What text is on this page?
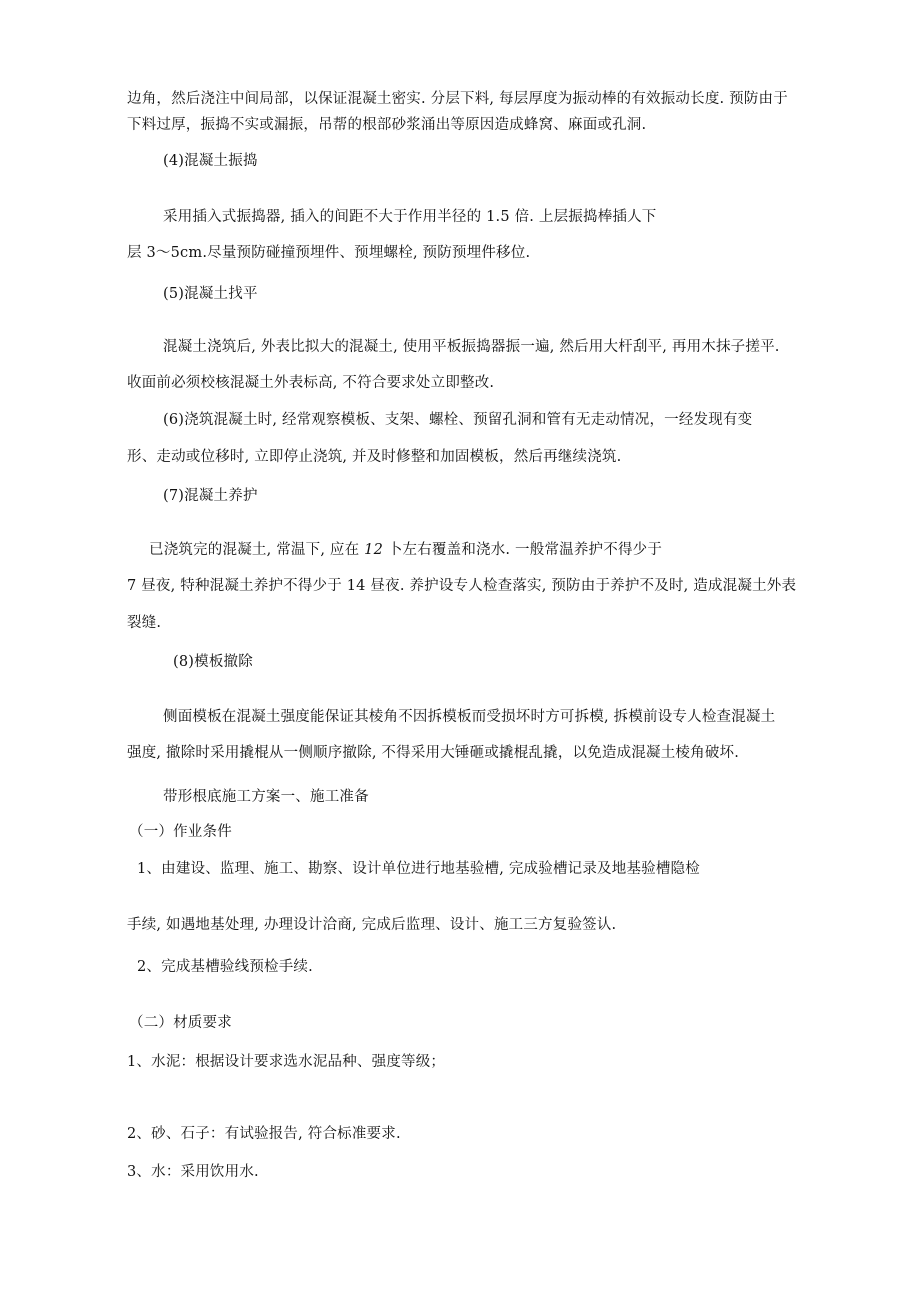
边角，然后浇注中间局部，以保证混凝土密实. 分层下料, 每层厚度为振动棒的有效振动长度. 预防由于
下料过厚，振捣不实或漏振，吊帮的根部砂浆涌出等原因造成蜂窝、麻面或孔洞.
(4)混凝土振捣
采用插入式振捣器, 插入的间距不大于作用半径的 1.5 倍. 上层振捣棒插人下
层 3～5cm.尽量预防碰撞预埋件、预埋螺栓, 预防预埋件移位.
(5)混凝土找平
混凝土浇筑后, 外表比拟大的混凝土, 使用平板振捣器振一遍, 然后用大杆刮平, 再用木抹子搓平.
收面前必须校核混凝土外表标高, 不符合要求处立即整改.
(6)浇筑混凝土时, 经常观察模板、支架、螺栓、预留孔洞和管有无走动情况，一经发现有变
形、走动或位移时, 立即停止浇筑, 并及时修整和加固模板，然后再继续浇筑.
(7)混凝土养护
已浇筑完的混凝土, 常温下, 应在 12 卜左右覆盖和浇水. 一般常温养护不得少于
7 昼夜, 特种混凝土养护不得少于 14 昼夜. 养护设专人检查落实, 预防由于养护不及时, 造成混凝土外表
裂缝.
(8)模板撤除
侧面模板在混凝土强度能保证其棱角不因拆模板而受损坏时方可拆模, 拆模前设专人检查混凝土
强度, 撤除时采用撬棍从一侧顺序撤除, 不得采用大锤砸或撬棍乱撬，以免造成混凝土棱角破坏.
带形根底施工方案一、施工准备
（一）作业条件
1、由建设、监理、施工、勘察、设计单位进行地基验槽, 完成验槽记录及地基验槽隐检
手续, 如遇地基处理, 办理设计洽商, 完成后监理、设计、施工三方复验签认.
2、完成基槽验线预检手续.
（二）材质要求
1、水泥：根据设计要求选水泥品种、强度等级；
2、砂、石子：有试验报告, 符合标准要求.
3、水：采用饮用水.
